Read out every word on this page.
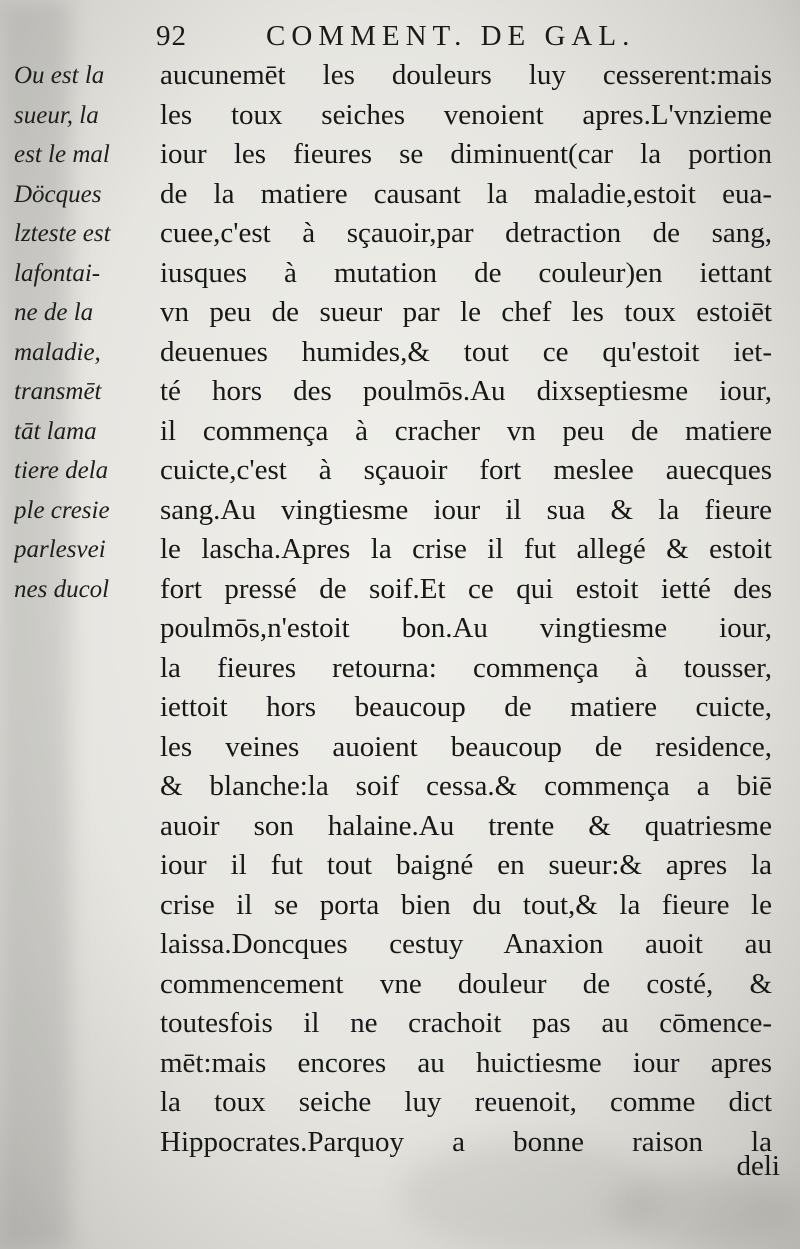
92	COMMENT. DE GAL.
Ou est la
sueur, la
est le mal
Döcques
lzteste est
lafontai-
ne de la
maladie,
transmēt
tāt lama
tiere dela
ple cresie
parlesvei
nes ducol
aucunemēt les douleurs luy cesserent:mais
les toux seiches venoient apres.L'vnzieme
iour les fieures se diminuent(car la portion
de la matiere causant la maladie,estoit eua-
cuee,c'est à sçauoir,par detraction de sang,
iusques à mutation de couleur)en iettant
vn peu de sueur par le chef les toux estoiēt
deuenues humides,& tout ce qu'estoit iet-
té hors des poulmōs.Au dixseptiesme iour,
il commença à cracher vn peu de matiere
cuicte,c'est à sçauoir fort meslee auecques
sang.Au vingtiesme iour il sua & la fieure
le lascha.Apres la crise il fut allegé & estoit
fort pressé de soif.Et ce qui estoit ietté des
poulmōs,n'estoit bon.Au vingtiesme iour,
la fieures retourna: commença à tousser,
iettoit hors beaucoup de matiere cuicte,
les veines auoient beaucoup de residence,
& blanche:la soif cessa.& commença a biē
auoir son halaine.Au trente & quatriesme
iour il fut tout baigné en sueur:& apres la
crise il se porta bien du tout,& la fieure le
laissa.Doncques cestuy Anaxion auoit au
commencement vne douleur de costé, &
toutesfois il ne crachoit pas au cōmence-
mēt:mais encores au huictiesme iour apres
la toux seiche luy reuenoit, comme dict
Hippocrates.Parquoy a bonne raison la
deli
